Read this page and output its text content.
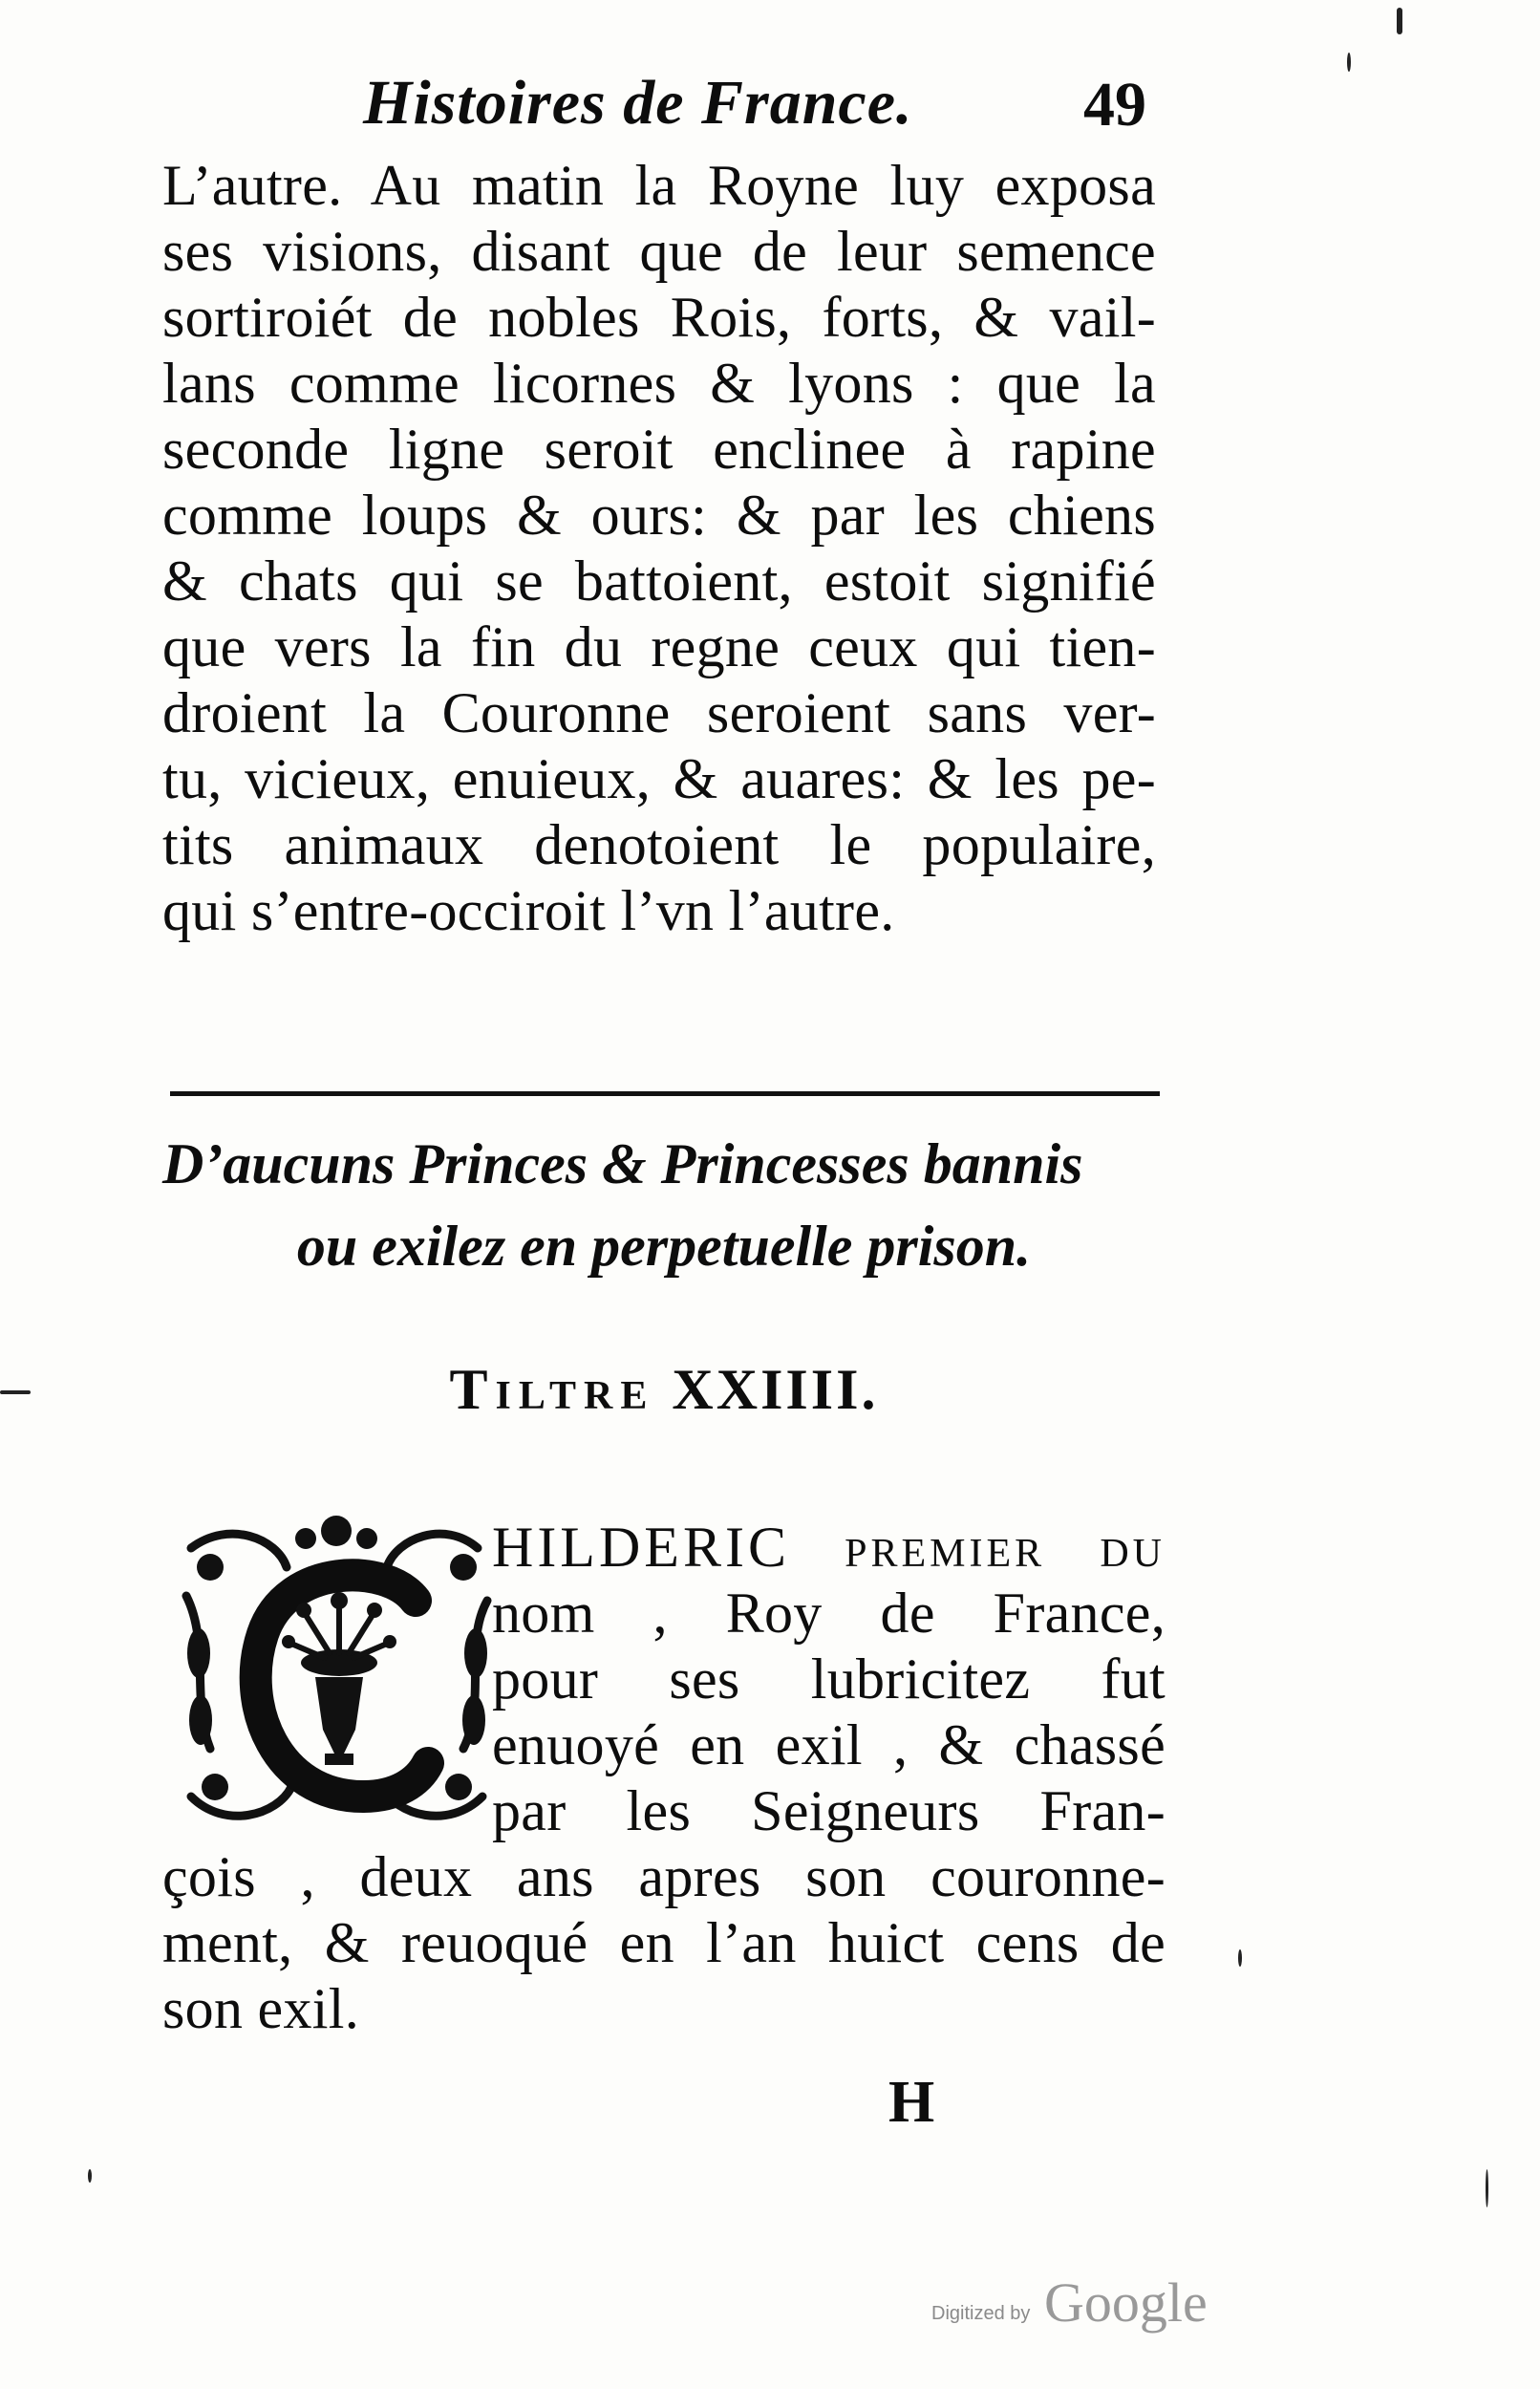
Histoires de France.	49
L’autre. Au matin la Royne luy exposa
ses visions, disant que de leur semence
sortiroiét de nobles Rois, forts, & vail-
lans comme licornes & lyons : que la
seconde ligne seroit enclinee à rapine
comme loups & ours: & par les chiens
& chats qui se battoient, estoit signifié
que vers la fin du regne ceux qui tien-
droient la Couronne seroient sans ver-
tu, vicieux, enuieux, & auares: & les pe-
tits animaux denotoient le populaire,
qui s’entre-occiroit l’vn l’autre.
D’aucuns Princes & Princesses bannis
ou exilez en perpetuelle prison.
Tiltre XXIIII.
HILDERIC premier du
nom , Roy de France,
pour ses lubricitez fut
enuoyé en exil , & chassé
par les Seigneurs Fran-
çois , deux ans apres son couronne-
ment, & reuoqué en l’an huict cens de
son exil.
H
Digitized by Google
